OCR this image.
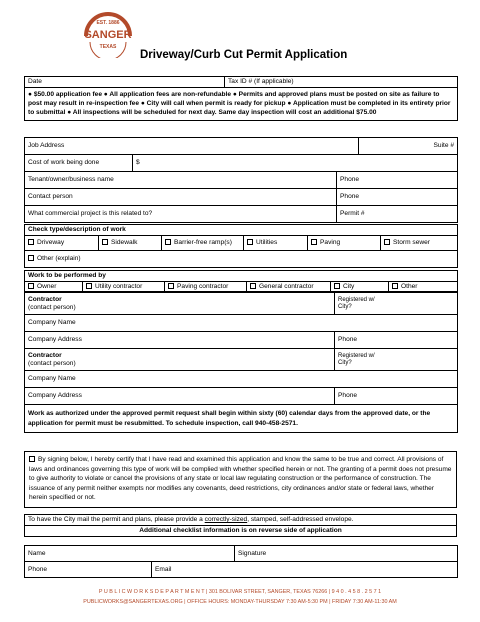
EST. 1886
SANGER
TEXAS
Driveway/Curb Cut Permit Application
Date	Tax ID # (If applicable)
● $50.00 application fee ● All application fees are non-refundable ● Permits and approved plans must be posted on site as failure to post may result in re-inspection fee ● City will call when permit is ready for pickup ● Application must be completed in its entirety prior to submittal ● All inspections will be scheduled for next day. Same day inspection will cost an additional $75.00
Job Address			Suite #
Cost of work being done	$		
Tenant/owner/business name		Phone	
Contact person		Phone	
What commercial project is this related to?		Permit #	
Check type/description of work
Driveway	Sidewalk	Barrier-free ramp(s)	Utilities	Paving	Storm sewer
Other (explain)
Work to be performed by
Owner	Utility contractor	Paving contractor	General contractor	City	Other
Contractor
(contact person)	Registered w/
City?
Company Name	
Company Address	Phone
Contractor
(contact person)	Registered w/
City?
Company Name	
Company Address	Phone
Work as authorized under the approved permit request shall begin within sixty (60) calendar days from the approved date, or the application for permit must be resubmitted. To schedule inspection, call 940-458-2571.	
By signing below, I hereby certify that I have read and examined this application and know the same to be true and correct. All provisions of laws and ordinances governing this type of work will be complied with whether specified herein or not. The granting of a permit does not presume to give authority to violate or cancel the provisions of any state or local law regulating construction or the performance of construction. The issuance of any permit neither exempts nor modifies any covenants, deed restrictions, city ordinances and/or state or federal laws, whether herein specified or not.
To have the City mail the permit and plans, please provide a correctly-sized, stamped, self-addressed envelope.
Additional checklist information is on reverse side of application
Name		Signature
Phone	Email	
P U B L I C W O R K S D E P A R T M E N T | 301 BOLIVAR STREET, SANGER, TEXAS 76266 | 9 4 0 . 4 5 8 . 2 5 7 1
PUBLICWORKS@SANGERTEXAS.ORG | OFFICE HOURS: MONDAY-THURSDAY 7:30 AM-5:30 PM | FRIDAY 7:30 AM-11:30 AM
